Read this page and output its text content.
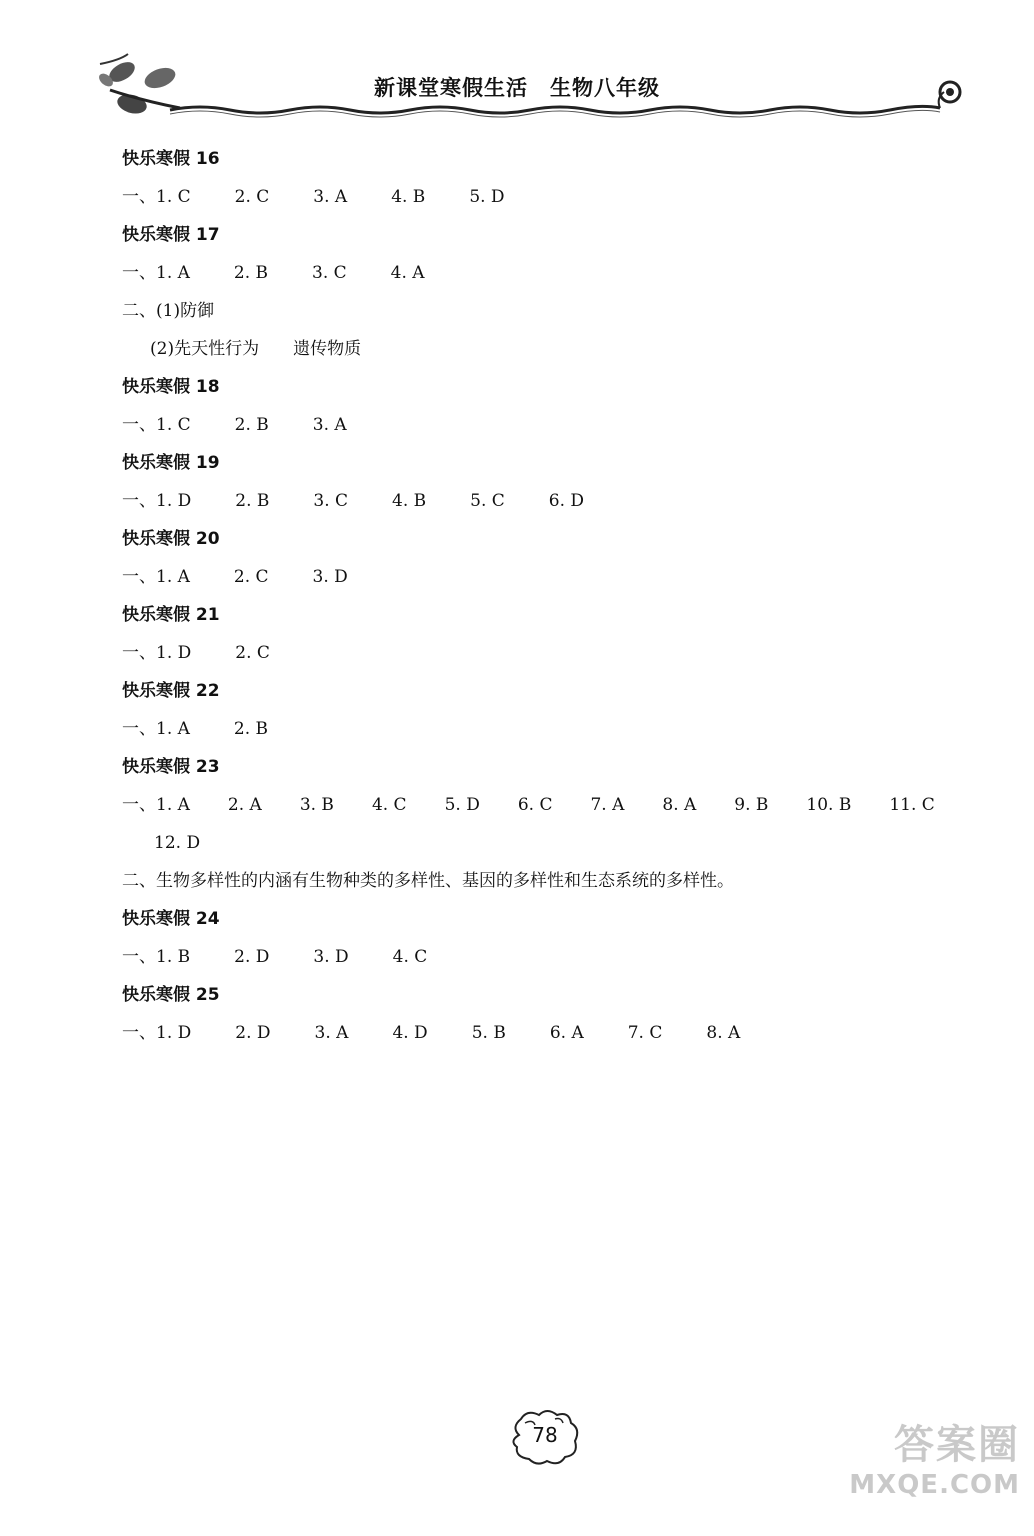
新课堂寒假生活　生物八年级
快乐寒假 16
一、1. C	2. C	3. A	4. B	5. D
快乐寒假 17
一、1. A	2. B	3. C	4. A
二、(1)防御
(2)先天性行为　　遗传物质
快乐寒假 18
一、1. C	2. B	3. A
快乐寒假 19
一、1. D	2. B	3. C	4. B	5. C	6. D
快乐寒假 20
一、1. A	2. C	3. D
快乐寒假 21
一、1. D	2. C
快乐寒假 22
一、1. A	2. B
快乐寒假 23
一、1. A 2. A 3. B 4. C 5. D 6. C 7. A 8. A 9. B 10. B 11. C
12. D
二、生物多样性的内涵有生物种类的多样性、基因的多样性和生态系统的多样性。
快乐寒假 24
一、1. B	2. D	3. D	4. C
快乐寒假 25
一、1. D	2. D	3. A	4. D	5. B	6. A	7. C	8. A
78	答案圈
MXQE.COM
